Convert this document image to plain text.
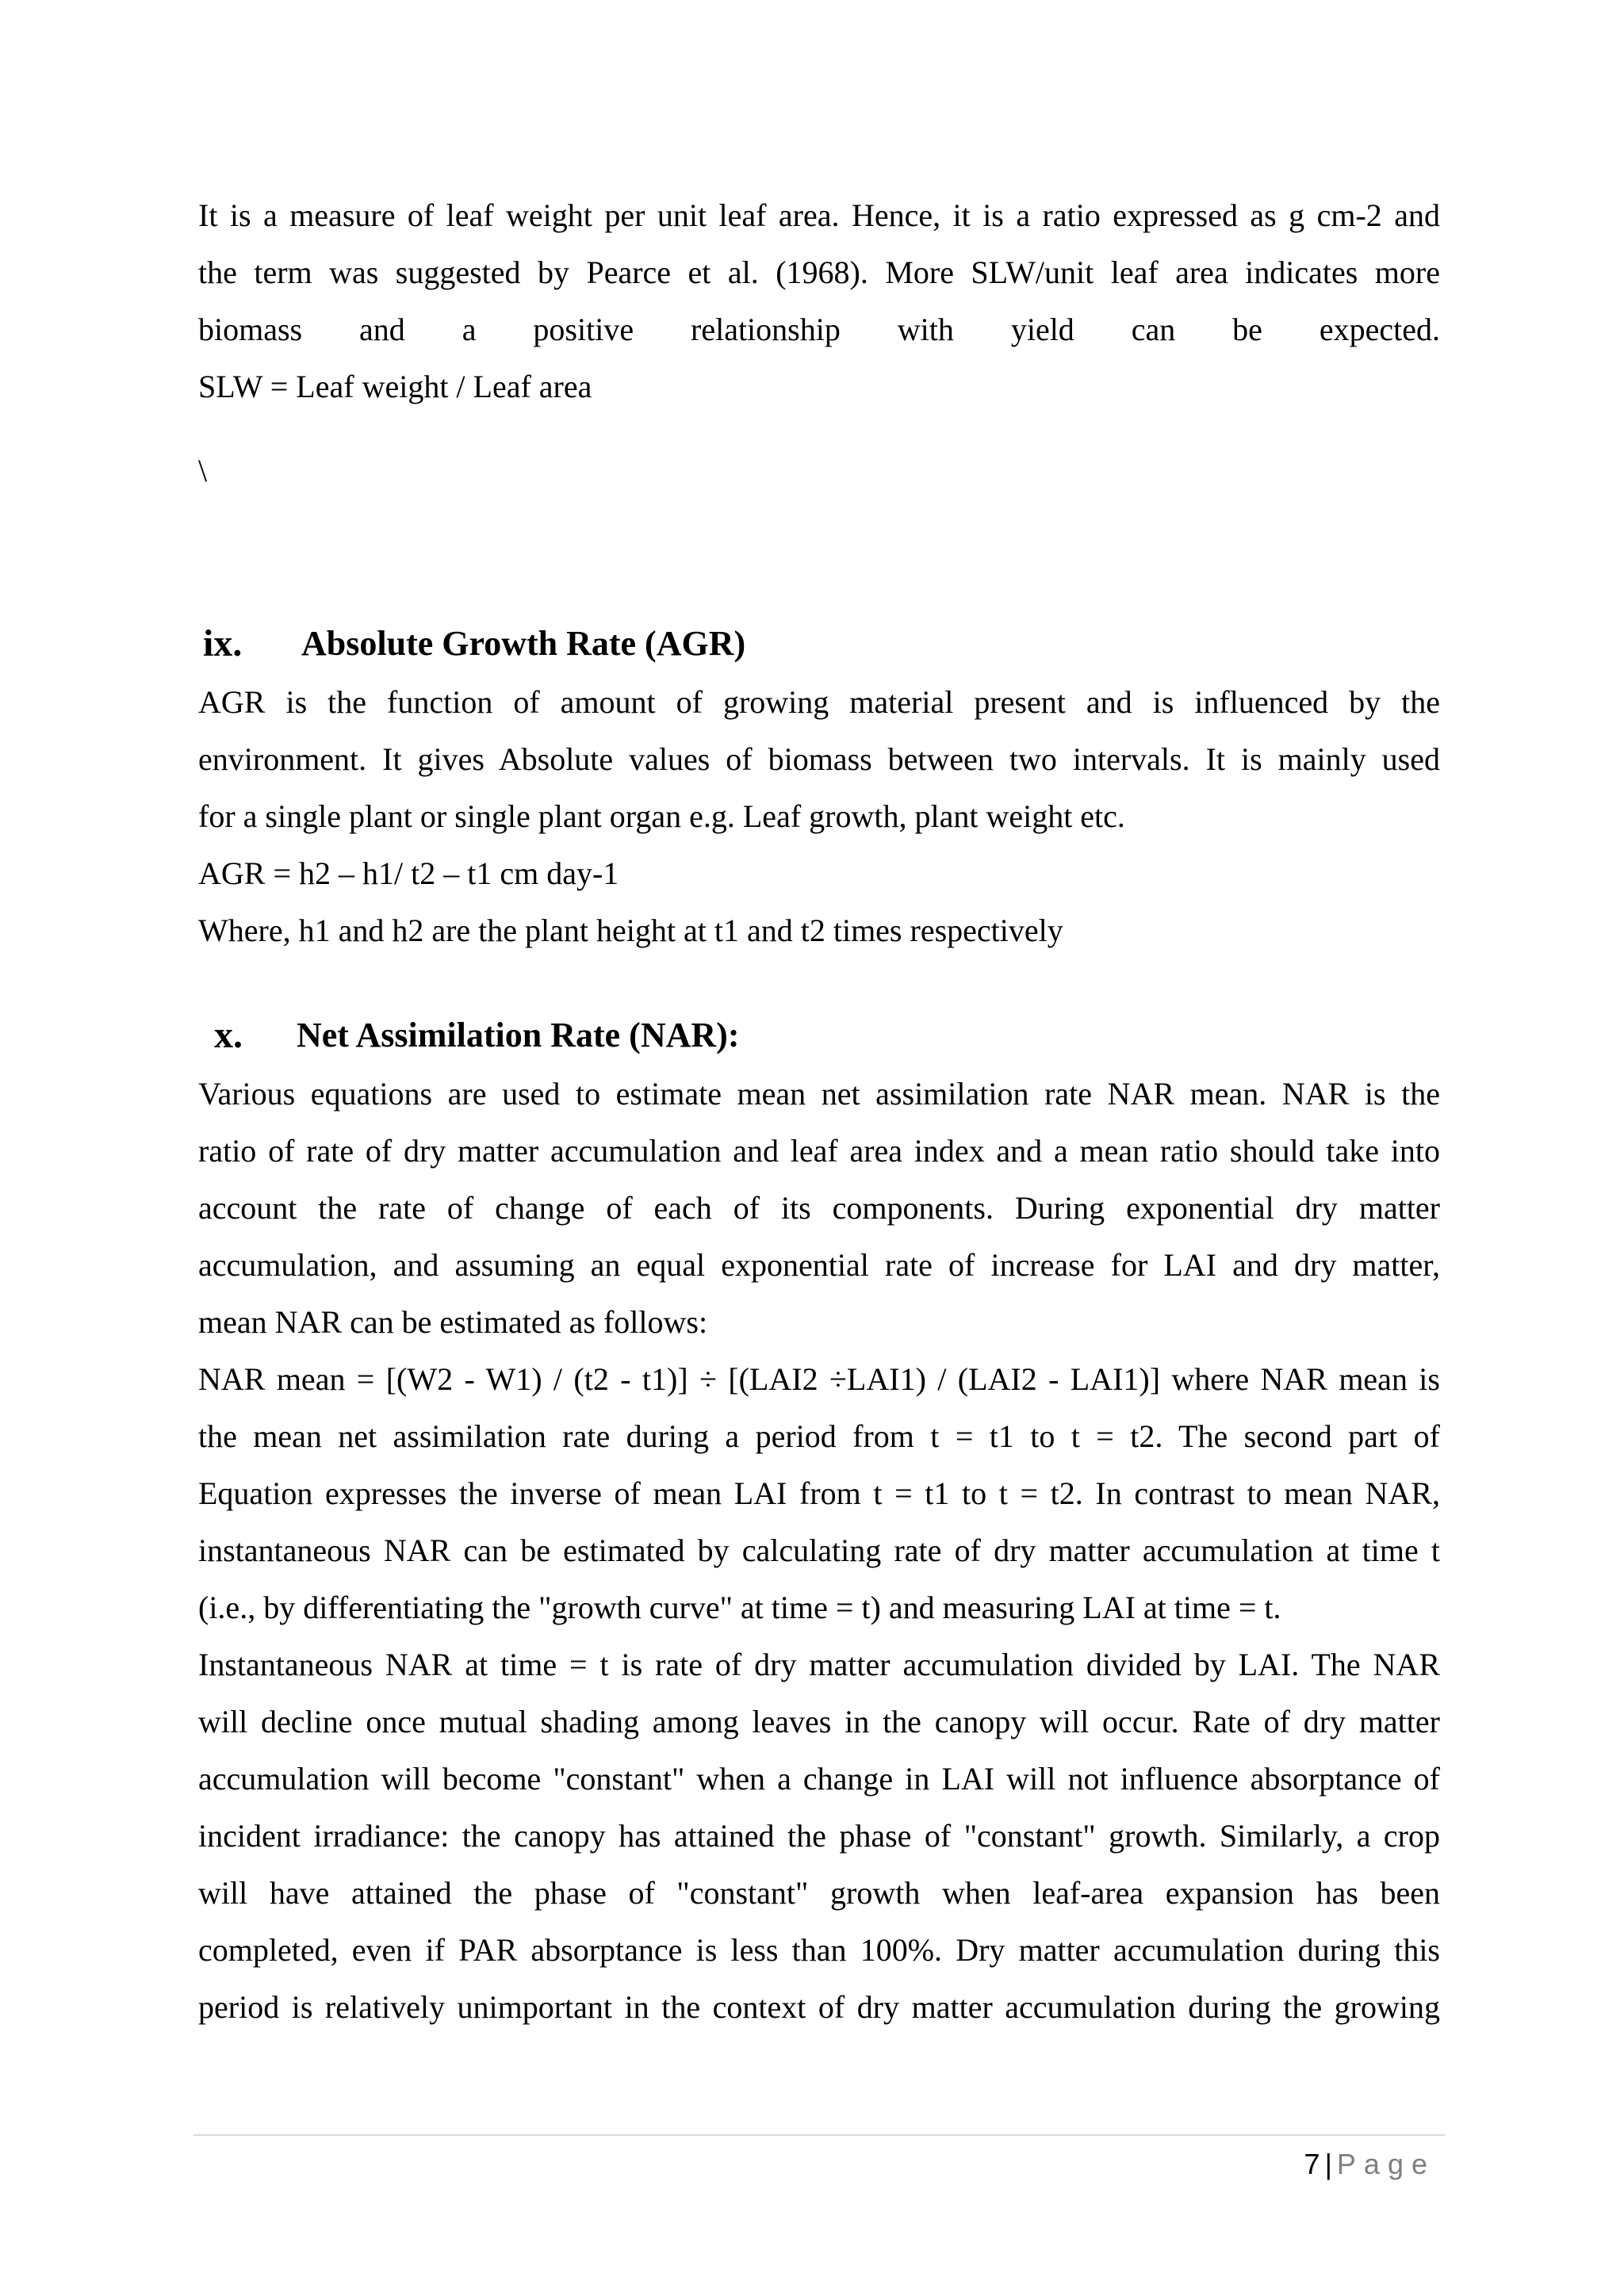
It is a measure of leaf weight per unit leaf area. Hence, it is a ratio expressed as g cm-2 and
the term was suggested by Pearce et al. (1968). More SLW/unit leaf area indicates more
biomass and a positive relationship with yield can be expected.
SLW = Leaf weight / Leaf area

\

ix.	Absolute Growth Rate (AGR)
AGR is the function of amount of growing material present and is influenced by the
environment. It gives Absolute values of biomass between two intervals. It is mainly used
for a single plant or single plant organ e.g. Leaf growth, plant weight etc.
AGR = h2 – h1/ t2 – t1 cm day-1
Where, h1 and h2 are the plant height at t1 and t2 times respectively
x.	Net Assimilation Rate (NAR):
Various equations are used to estimate mean net assimilation rate NAR mean. NAR is the
ratio of rate of dry matter accumulation and leaf area index and a mean ratio should take into
account the rate of change of each of its components. During exponential dry matter
accumulation, and assuming an equal exponential rate of increase for LAI and dry matter,
mean NAR can be estimated as follows:
NAR mean = [(W2 - W1) / (t2 - t1)] ÷ [(LAI2 ÷LAI1) / (LAI2 - LAI1)] where NAR mean is
the mean net assimilation rate during a period from t = t1 to t = t2. The second part of
Equation expresses the inverse of mean LAI from t = t1 to t = t2. In contrast to mean NAR,
instantaneous NAR can be estimated by calculating rate of dry matter accumulation at time t
(i.e., by differentiating the "growth curve" at time = t) and measuring LAI at time = t.
Instantaneous NAR at time = t is rate of dry matter accumulation divided by LAI. The NAR
will decline once mutual shading among leaves in the canopy will occur. Rate of dry matter
accumulation will become "constant" when a change in LAI will not influence absorptance of
incident irradiance: the canopy has attained the phase of "constant" growth. Similarly, a crop
will have attained the phase of "constant" growth when leaf-area expansion has been
completed, even if PAR absorptance is less than 100%. Dry matter accumulation during this
period is relatively unimportant in the context of dry matter accumulation during the growing
7 | Page
